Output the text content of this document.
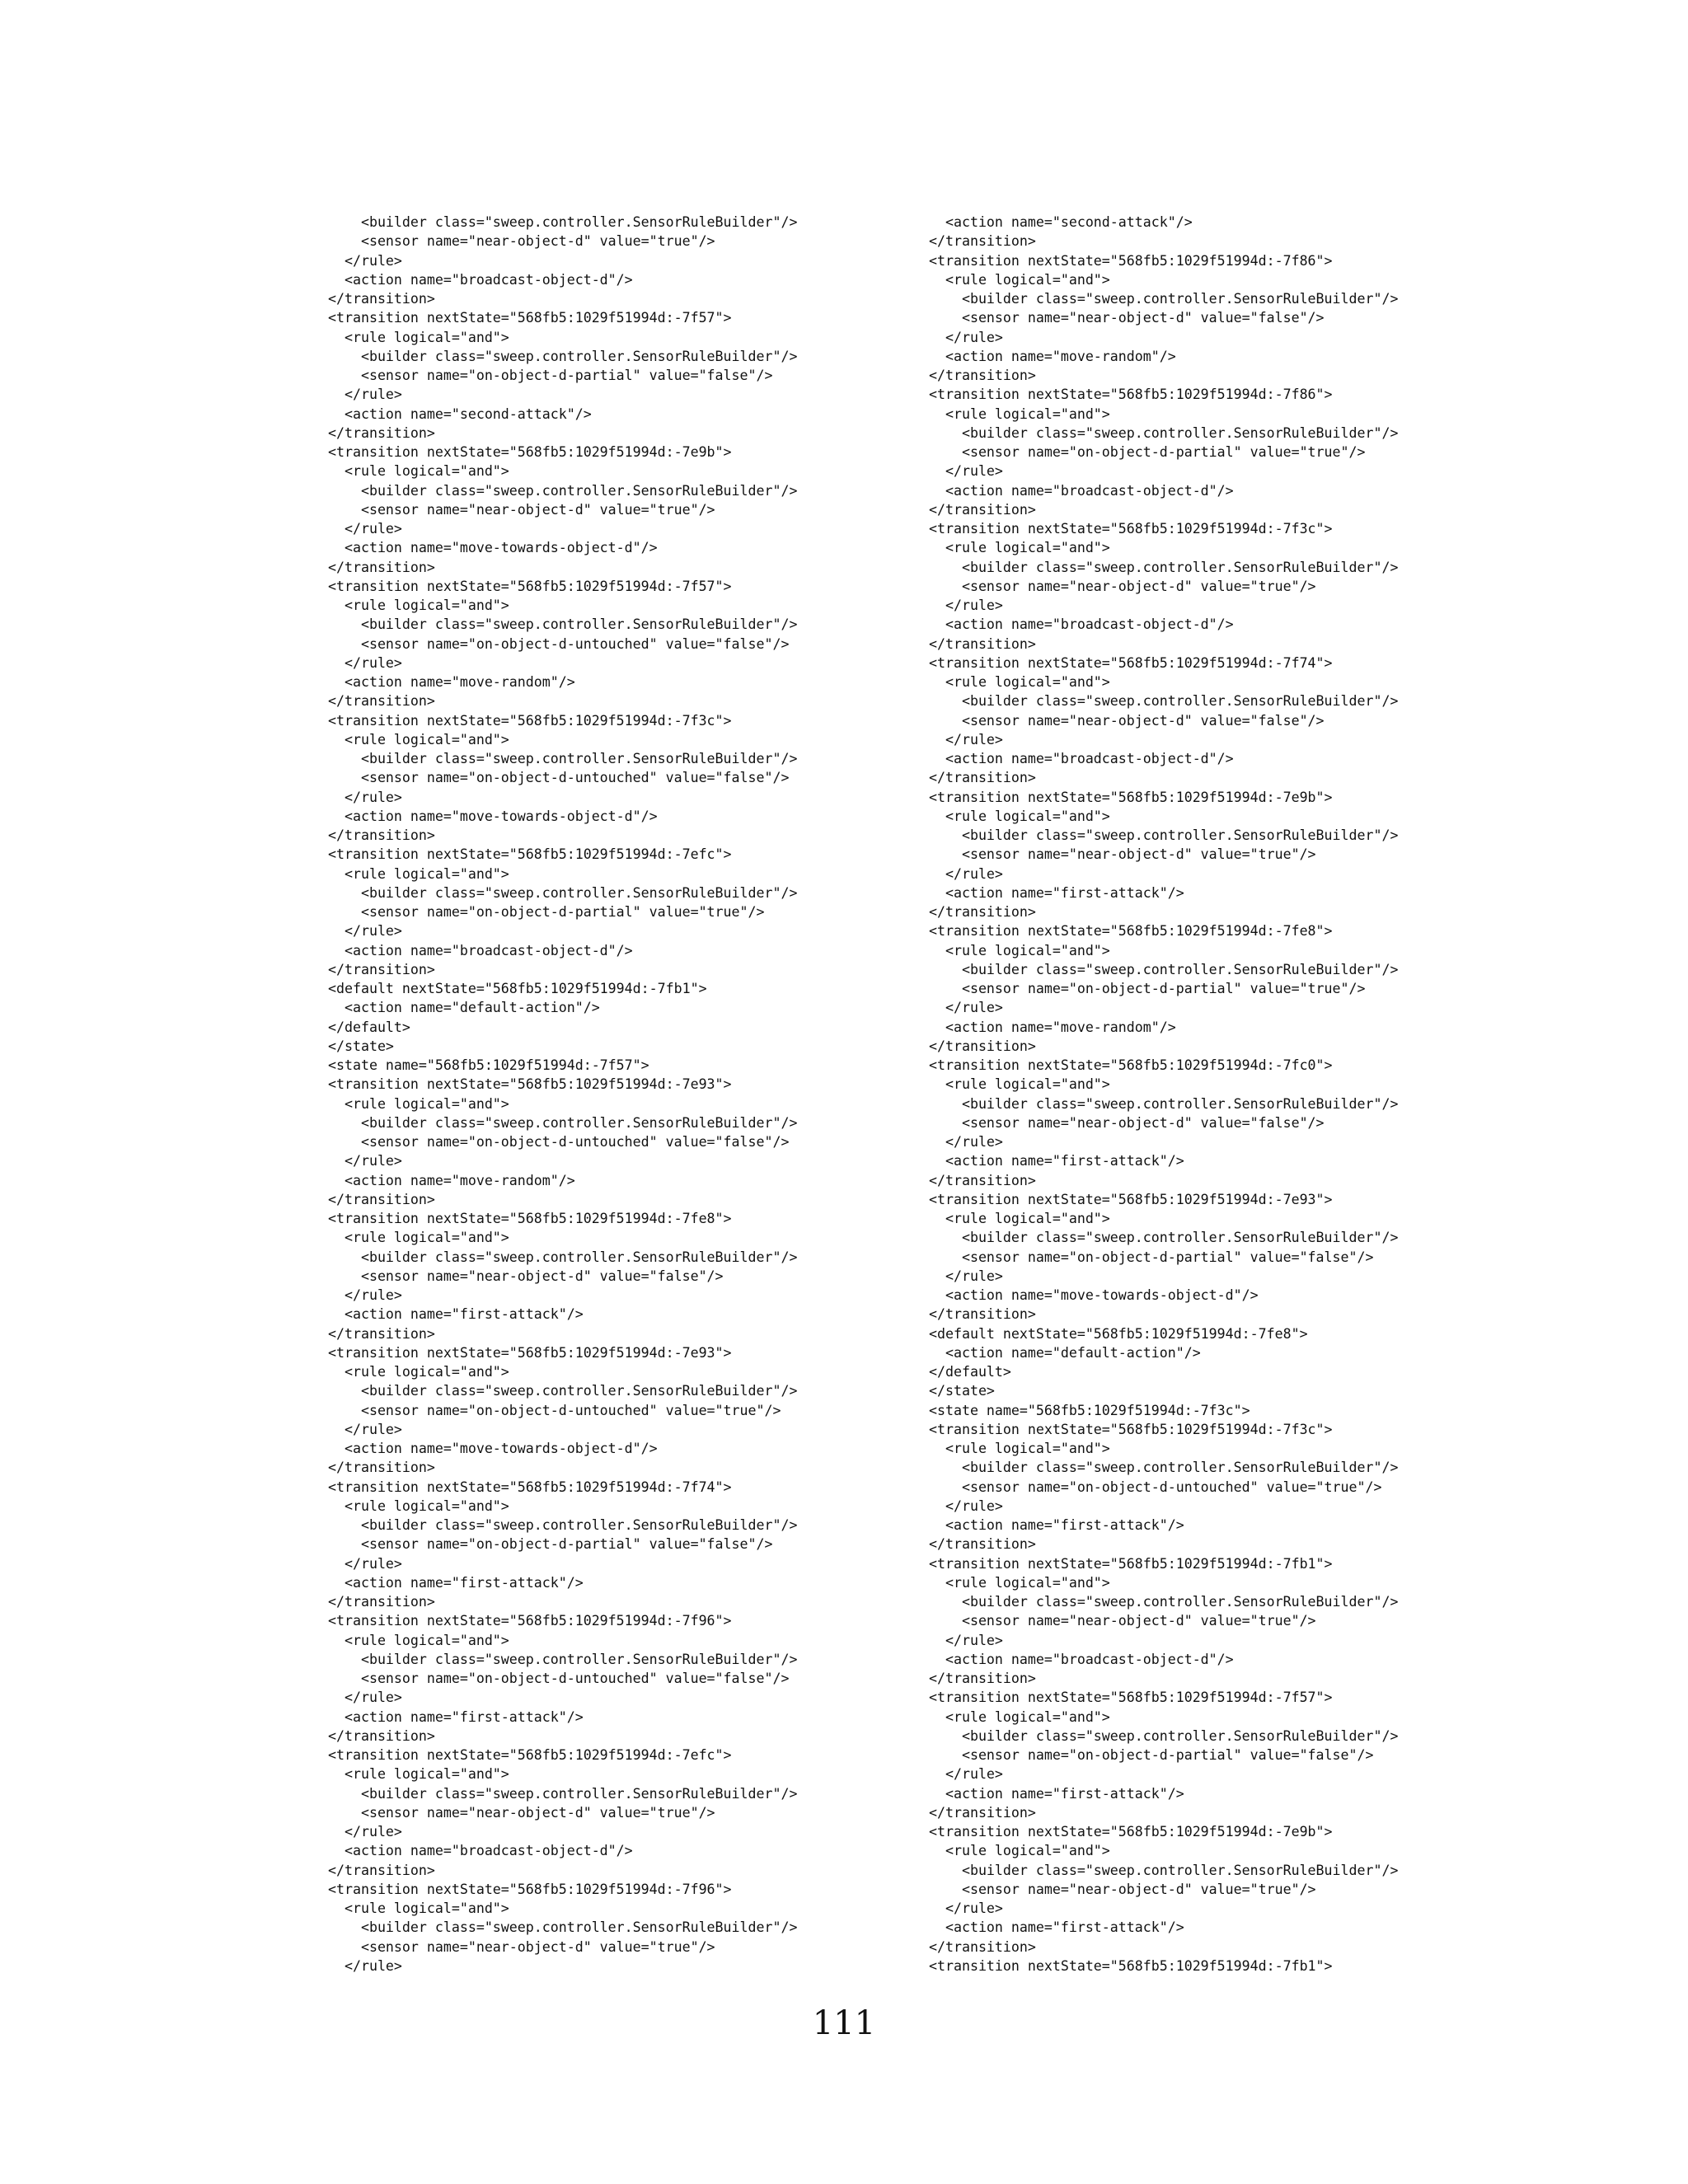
<builder class="sweep.controller.SensorRuleBuilder"/>
<sensor name="near-object-d" value="true"/>
</rule>
<action name="broadcast-object-d"/>
</transition>
<transition nextState="568fb5:1029f51994d:-7f57">
<rule logical="and">
<builder class="sweep.controller.SensorRuleBuilder"/>
<sensor name="on-object-d-partial" value="false"/>
</rule>
<action name="second-attack"/>
</transition>
<transition nextState="568fb5:1029f51994d:-7e9b">
<rule logical="and">
<builder class="sweep.controller.SensorRuleBuilder"/>
<sensor name="near-object-d" value="true"/>
</rule>
<action name="move-towards-object-d"/>
</transition>
<transition nextState="568fb5:1029f51994d:-7f57">
<rule logical="and">
<builder class="sweep.controller.SensorRuleBuilder"/>
<sensor name="on-object-d-untouched" value="false"/>
</rule>
<action name="move-random"/>
</transition>
<transition nextState="568fb5:1029f51994d:-7f3c">
<rule logical="and">
<builder class="sweep.controller.SensorRuleBuilder"/>
<sensor name="on-object-d-untouched" value="false"/>
</rule>
<action name="move-towards-object-d"/>
</transition>
<transition nextState="568fb5:1029f51994d:-7efc">
<rule logical="and">
<builder class="sweep.controller.SensorRuleBuilder"/>
<sensor name="on-object-d-partial" value="true"/>
</rule>
<action name="broadcast-object-d"/>
</transition>
<default nextState="568fb5:1029f51994d:-7fb1">
<action name="default-action"/>
</default>
</state>
<state name="568fb5:1029f51994d:-7f57">
<transition nextState="568fb5:1029f51994d:-7e93">
<rule logical="and">
<builder class="sweep.controller.SensorRuleBuilder"/>
<sensor name="on-object-d-untouched" value="false"/>
</rule>
<action name="move-random"/>
</transition>
<transition nextState="568fb5:1029f51994d:-7fe8">
<rule logical="and">
<builder class="sweep.controller.SensorRuleBuilder"/>
<sensor name="near-object-d" value="false"/>
</rule>
<action name="first-attack"/>
</transition>
<transition nextState="568fb5:1029f51994d:-7e93">
<rule logical="and">
<builder class="sweep.controller.SensorRuleBuilder"/>
<sensor name="on-object-d-untouched" value="true"/>
</rule>
<action name="move-towards-object-d"/>
</transition>
<transition nextState="568fb5:1029f51994d:-7f74">
<rule logical="and">
<builder class="sweep.controller.SensorRuleBuilder"/>
<sensor name="on-object-d-partial" value="false"/>
</rule>
<action name="first-attack"/>
</transition>
<transition nextState="568fb5:1029f51994d:-7f96">
<rule logical="and">
<builder class="sweep.controller.SensorRuleBuilder"/>
<sensor name="on-object-d-untouched" value="false"/>
</rule>
<action name="first-attack"/>
</transition>
<transition nextState="568fb5:1029f51994d:-7efc">
<rule logical="and">
<builder class="sweep.controller.SensorRuleBuilder"/>
<sensor name="near-object-d" value="true"/>
</rule>
<action name="broadcast-object-d"/>
</transition>
<transition nextState="568fb5:1029f51994d:-7f96">
<rule logical="and">
<builder class="sweep.controller.SensorRuleBuilder"/>
<sensor name="near-object-d" value="true"/>
</rule>
<action name="second-attack"/>
</transition>
<transition nextState="568fb5:1029f51994d:-7f86">
<rule logical="and">
<builder class="sweep.controller.SensorRuleBuilder"/>
<sensor name="near-object-d" value="false"/>
</rule>
<action name="move-random"/>
</transition>
<transition nextState="568fb5:1029f51994d:-7f86">
<rule logical="and">
<builder class="sweep.controller.SensorRuleBuilder"/>
<sensor name="on-object-d-partial" value="true"/>
</rule>
<action name="broadcast-object-d"/>
</transition>
<transition nextState="568fb5:1029f51994d:-7f3c">
<rule logical="and">
<builder class="sweep.controller.SensorRuleBuilder"/>
<sensor name="near-object-d" value="true"/>
</rule>
<action name="broadcast-object-d"/>
</transition>
<transition nextState="568fb5:1029f51994d:-7f74">
<rule logical="and">
<builder class="sweep.controller.SensorRuleBuilder"/>
<sensor name="near-object-d" value="false"/>
</rule>
<action name="broadcast-object-d"/>
</transition>
<transition nextState="568fb5:1029f51994d:-7e9b">
<rule logical="and">
<builder class="sweep.controller.SensorRuleBuilder"/>
<sensor name="near-object-d" value="true"/>
</rule>
<action name="first-attack"/>
</transition>
<transition nextState="568fb5:1029f51994d:-7fe8">
<rule logical="and">
<builder class="sweep.controller.SensorRuleBuilder"/>
<sensor name="on-object-d-partial" value="true"/>
</rule>
<action name="move-random"/>
</transition>
<transition nextState="568fb5:1029f51994d:-7fc0">
<rule logical="and">
<builder class="sweep.controller.SensorRuleBuilder"/>
<sensor name="near-object-d" value="false"/>
</rule>
<action name="first-attack"/>
</transition>
<transition nextState="568fb5:1029f51994d:-7e93">
<rule logical="and">
<builder class="sweep.controller.SensorRuleBuilder"/>
<sensor name="on-object-d-partial" value="false"/>
</rule>
<action name="move-towards-object-d"/>
</transition>
<default nextState="568fb5:1029f51994d:-7fe8">
<action name="default-action"/>
</default>
</state>
<state name="568fb5:1029f51994d:-7f3c">
<transition nextState="568fb5:1029f51994d:-7f3c">
<rule logical="and">
<builder class="sweep.controller.SensorRuleBuilder"/>
<sensor name="on-object-d-untouched" value="true"/>
</rule>
<action name="first-attack"/>
</transition>
<transition nextState="568fb5:1029f51994d:-7fb1">
<rule logical="and">
<builder class="sweep.controller.SensorRuleBuilder"/>
<sensor name="near-object-d" value="true"/>
</rule>
<action name="broadcast-object-d"/>
</transition>
<transition nextState="568fb5:1029f51994d:-7f57">
<rule logical="and">
<builder class="sweep.controller.SensorRuleBuilder"/>
<sensor name="on-object-d-partial" value="false"/>
</rule>
<action name="first-attack"/>
</transition>
<transition nextState="568fb5:1029f51994d:-7e9b">
<rule logical="and">
<builder class="sweep.controller.SensorRuleBuilder"/>
<sensor name="near-object-d" value="true"/>
</rule>
<action name="first-attack"/>
</transition>
<transition nextState="568fb5:1029f51994d:-7fb1">
111
